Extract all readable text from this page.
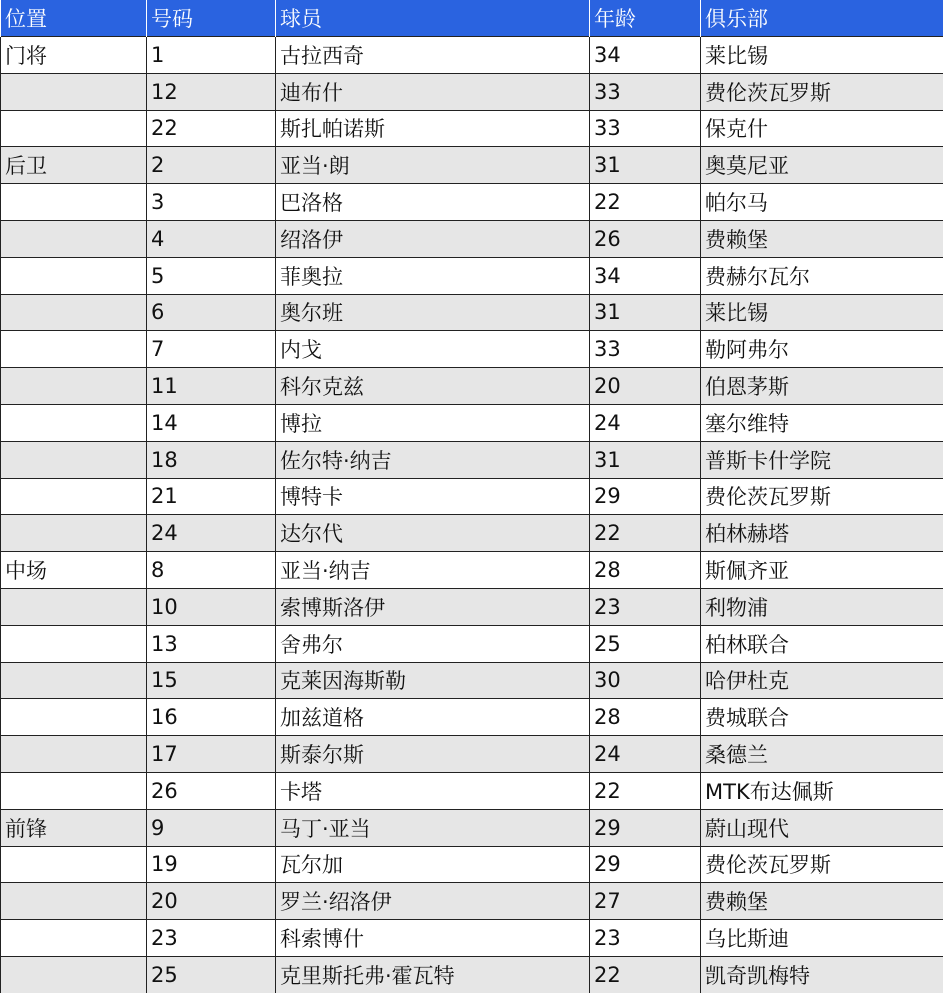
位置	号码	球员	年龄	俱乐部
门将	1	古拉西奇	34	莱比锡
	12	迪布什	33	费伦茨瓦罗斯
	22	斯扎帕诺斯	33	保克什
后卫	2	亚当·朗	31	奥莫尼亚
	3	巴洛格	22	帕尔马
	4	绍洛伊	26	费赖堡
	5	菲奥拉	34	费赫尔瓦尔
	6	奥尔班	31	莱比锡
	7	内戈	33	勒阿弗尔
	11	科尔克兹	20	伯恩茅斯
	14	博拉	24	塞尔维特
	18	佐尔特·纳吉	31	普斯卡什学院
	21	博特卡	29	费伦茨瓦罗斯
	24	达尔代	22	柏林赫塔
中场	8	亚当·纳吉	28	斯佩齐亚
	10	索博斯洛伊	23	利物浦
	13	舍弗尔	25	柏林联合
	15	克莱因海斯勒	30	哈伊杜克
	16	加兹道格	28	费城联合
	17	斯泰尔斯	24	桑德兰
	26	卡塔	22	MTK布达佩斯
前锋	9	马丁·亚当	29	蔚山现代
	19	瓦尔加	29	费伦茨瓦罗斯
	20	罗兰·绍洛伊	27	费赖堡
	23	科索博什	23	乌比斯迪
	25	克里斯托弗·霍瓦特	22	凯奇凯梅特
